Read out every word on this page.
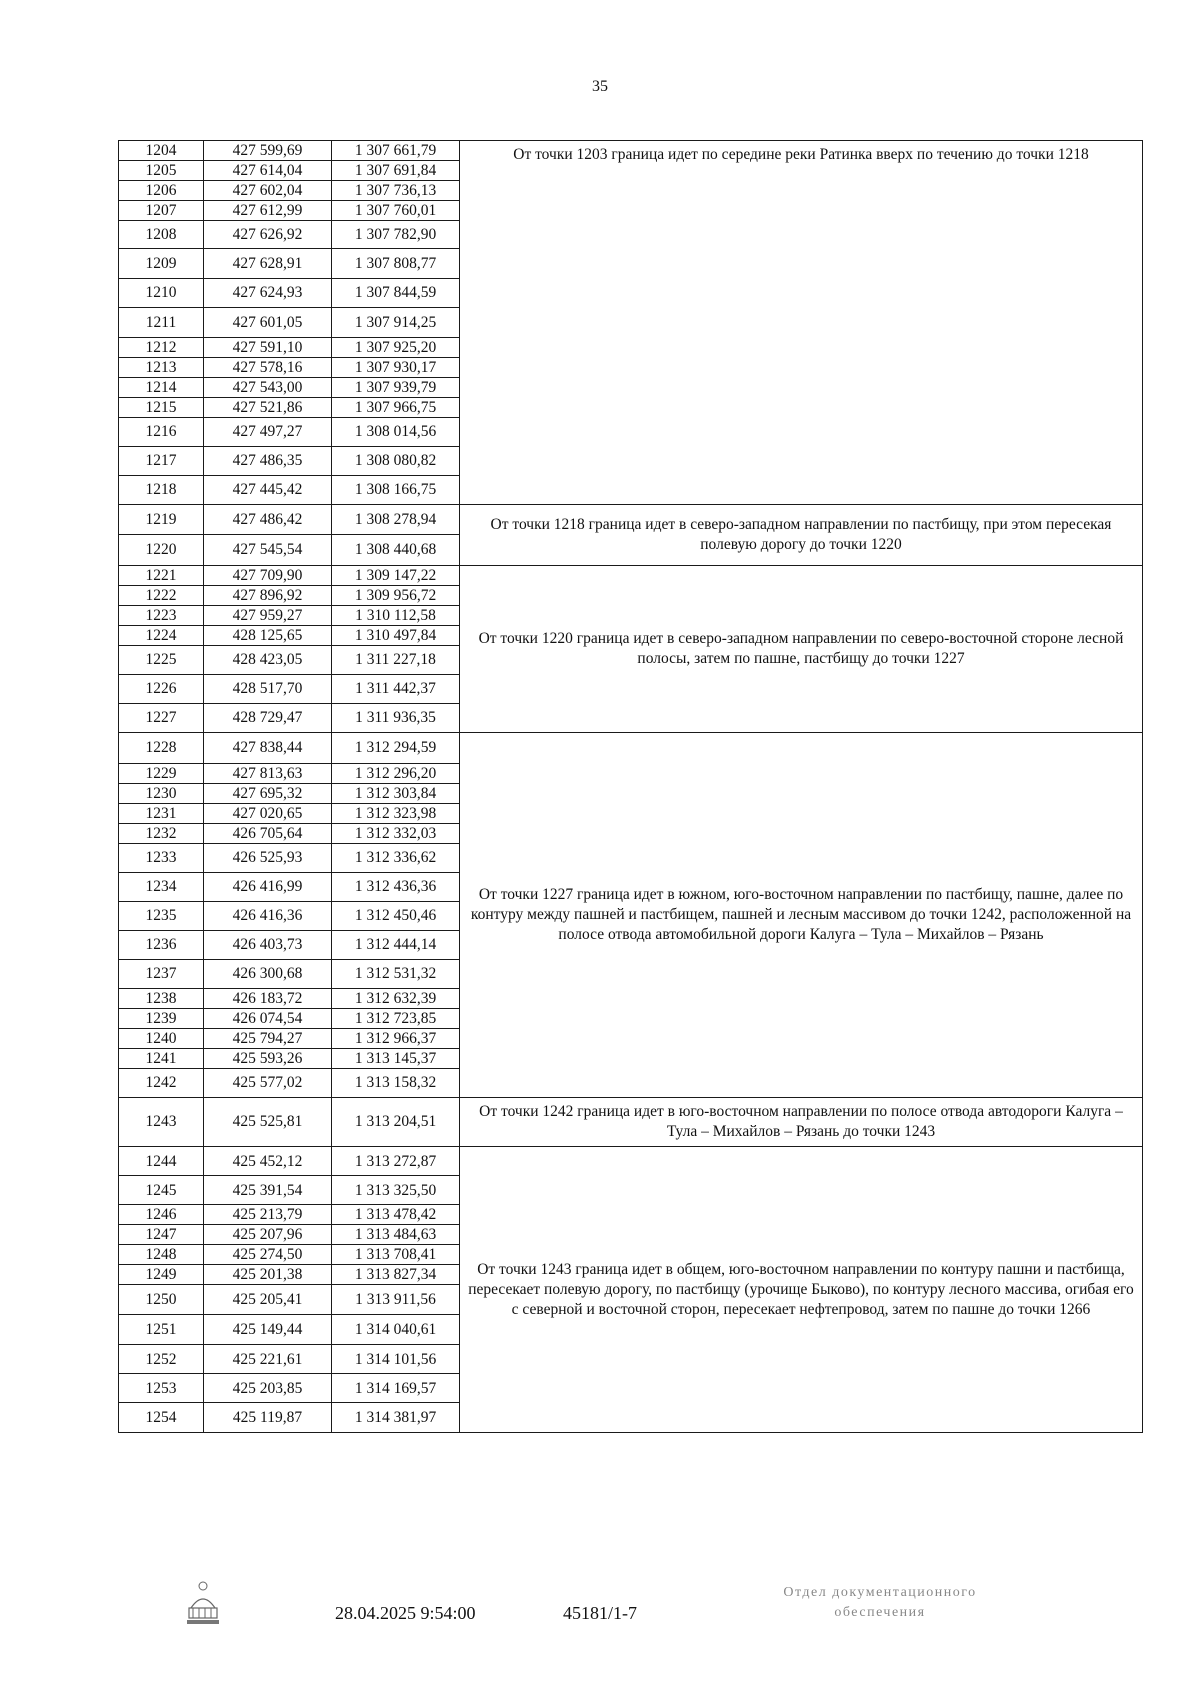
35
1204	427 599,69	1 307 661,79	От точки 1203 граница идет по середине реки Ратинка вверх по течению до точки 1218
1205	427 614,04	1 307 691,84	
1206	427 602,04	1 307 736,13	
1207	427 612,99	1 307 760,01	
1208	427 626,92	1 307 782,90	
1209	427 628,91	1 307 808,77	
1210	427 624,93	1 307 844,59	
1211	427 601,05	1 307 914,25	
1212	427 591,10	1 307 925,20	
1213	427 578,16	1 307 930,17	
1214	427 543,00	1 307 939,79	
1215	427 521,86	1 307 966,75	
1216	427 497,27	1 308 014,56	
1217	427 486,35	1 308 080,82	
1218	427 445,42	1 308 166,75	
1219	427 486,42	1 308 278,94	От точки 1218 граница идет в северо-западном направлении по пастбищу, при этом пересекая полевую дорогу до точки 1220
1220	427 545,54	1 308 440,68	
1221	427 709,90	1 309 147,22	От точки 1220 граница идет в северо-западном направлении по северо-восточной стороне лесной полосы, затем по пашне, пастбищу до точки 1227
1222	427 896,92	1 309 956,72	
1223	427 959,27	1 310 112,58	
1224	428 125,65	1 310 497,84	
1225	428 423,05	1 311 227,18	
1226	428 517,70	1 311 442,37	
1227	428 729,47	1 311 936,35	
1228	427 838,44	1 312 294,59	От точки 1227 граница идет в южном, юго-восточном направлении по пастбищу, пашне, далее по контуру между пашней и пастбищем, пашней и лесным массивом до точки 1242, расположенной на полосе отвода автомобильной дороги Калуга – Тула – Михайлов – Рязань
1229	427 813,63	1 312 296,20	
1230	427 695,32	1 312 303,84	
1231	427 020,65	1 312 323,98	
1232	426 705,64	1 312 332,03	
1233	426 525,93	1 312 336,62	
1234	426 416,99	1 312 436,36	
1235	426 416,36	1 312 450,46	
1236	426 403,73	1 312 444,14	
1237	426 300,68	1 312 531,32	
1238	426 183,72	1 312 632,39	
1239	426 074,54	1 312 723,85	
1240	425 794,27	1 312 966,37	
1241	425 593,26	1 313 145,37	
1242	425 577,02	1 313 158,32	
1243	425 525,81	1 313 204,51	От точки 1242 граница идет в юго-восточном направлении по полосе отвода автодороги Калуга – Тула – Михайлов – Рязань до точки 1243
1244	425 452,12	1 313 272,87	От точки 1243 граница идет в общем, юго-восточном направлении по контуру пашни и пастбища, пересекает полевую дорогу, по пастбищу (урочище Быково), по контуру лесного массива, огибая его с северной и восточной сторон, пересекает нефтепровод, затем по пашне до точки 1266
1245	425 391,54	1 313 325,50	
1246	425 213,79	1 313 478,42	
1247	425 207,96	1 313 484,63	
1248	425 274,50	1 313 708,41	
1249	425 201,38	1 313 827,34	
1250	425 205,41	1 313 911,56	
1251	425 149,44	1 314 040,61	
1252	425 221,61	1 314 101,56	
1253	425 203,85	1 314 169,57	
1254	425 119,87	1 314 381,97	
28.04.2025 9:54:00	45181/1-7
Отдел документационного
обеспечения
